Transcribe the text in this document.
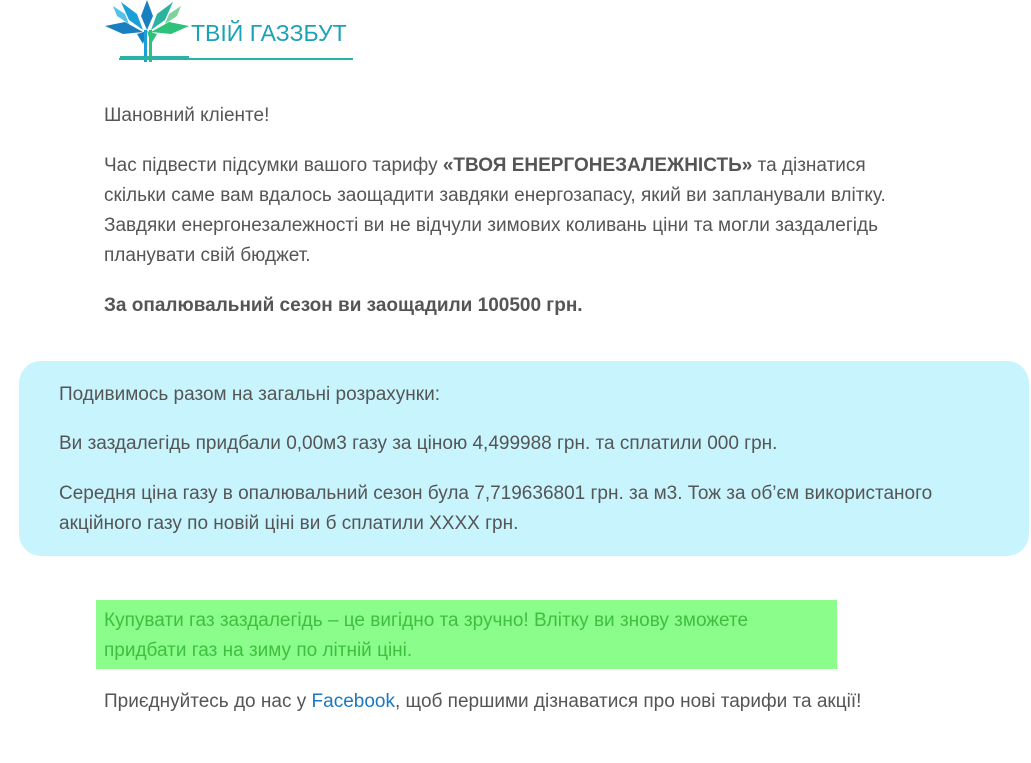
ТВІЙ ГАЗЗБУТ
Шановний кліенте!
Час підвести підсумки вашого тарифу «ТВОЯ ЕНЕРГОНЕЗАЛЕЖНІСТЬ» та дізнатися скільки саме вам вдалось заощадити завдяки енергозапасу, який ви запланували влітку. Завдяки енергонезалежності ви не відчули зимових коливань ціни та могли заздалегідь планувати свій бюджет.
За опалювальний сезон ви заощадили 100500 грн.
Подивимось разом на загальні розрахунки:
Ви заздалегідь придбали 0,00м3 газу за ціною 4,499988 грн. та сплатили 000 грн.
Середня ціна газу в опалювальний сезон була 7,719636801 грн. за м3. Тож за об’єм використаного акційного газу по новій ціні ви б сплатили ХХХХ грн.
Купувати газ заздалегідь – це вигідно та зручно! Влітку ви знову зможете придбати газ на зиму по літній ціні.
Приєднуйтесь до нас у Facebook, щоб першими дізнаватися про нові тарифи та акції!
